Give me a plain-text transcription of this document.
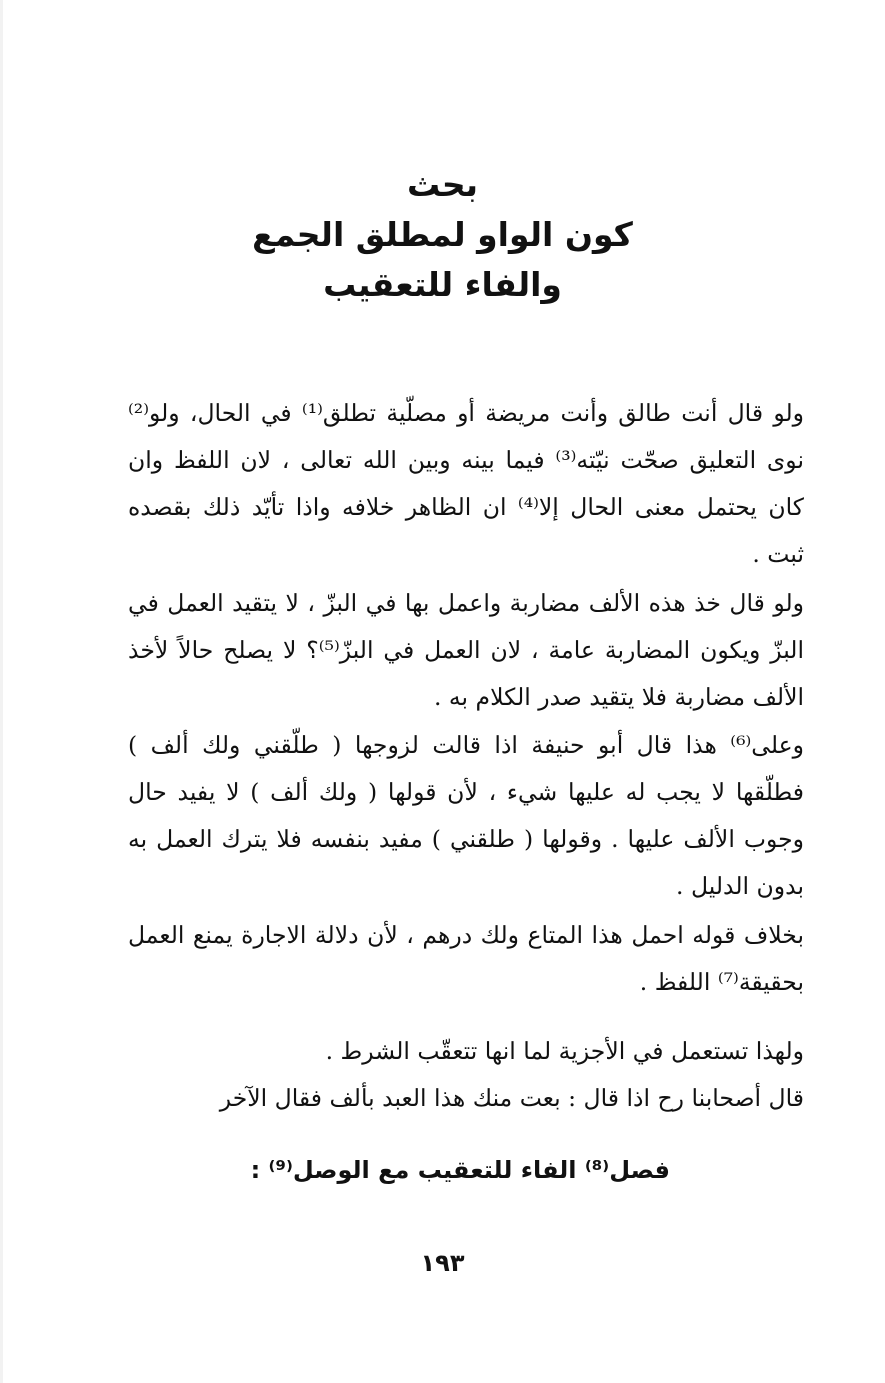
بحث
كون الواو لمطلق الجمع
والفاء للتعقيب

ولو قال أنت طالق وأنت مريضة أو مصلّية تطلق⁽¹⁾ في الحال، ولو⁽²⁾ نوى التعليق صحّت نيّته⁽³⁾ فيما بينه وبين الله تعالى ، لان اللفظ وان كان يحتمل معنى الحال إلا⁽⁴⁾ ان الظاهر خلافه واذا تأيّد ذلك بقصده ثبت .

ولو قال خذ هذه الألف مضاربة واعمل بها في البزّ ، لا يتقيد العمل في البزّ ويكون المضاربة عامة ، لان العمل في البزّ⁽⁵⁾؟ لا يصلح حالاً لأخذ الألف مضاربة فلا يتقيد صدر الكلام به .

وعلى⁽⁶⁾ هذا قال أبو حنيفة اذا قالت لزوجها ( طلّقني ولك ألف ) فطلّقها لا يجب له عليها شيء ، لأن قولها ( ولك ألف ) لا يفيد حال وجوب الألف عليها . وقولها ( طلقني ) مفيد بنفسه فلا يترك العمل به بدون الدليل .

بخلاف قوله احمل هذا المتاع ولك درهم ، لأن دلالة الاجارة يمنع العمل بحقيقة⁽⁷⁾ اللفظ .

ولهذا تستعمل في الأجزية لما انها تتعقّب الشرط .

قال أصحابنا رح اذا قال : بعت منك هذا العبد بألف فقال الآخر

فصل⁽⁸⁾ الفاء للتعقيب مع الوصل⁽⁹⁾ :
١٩٣
